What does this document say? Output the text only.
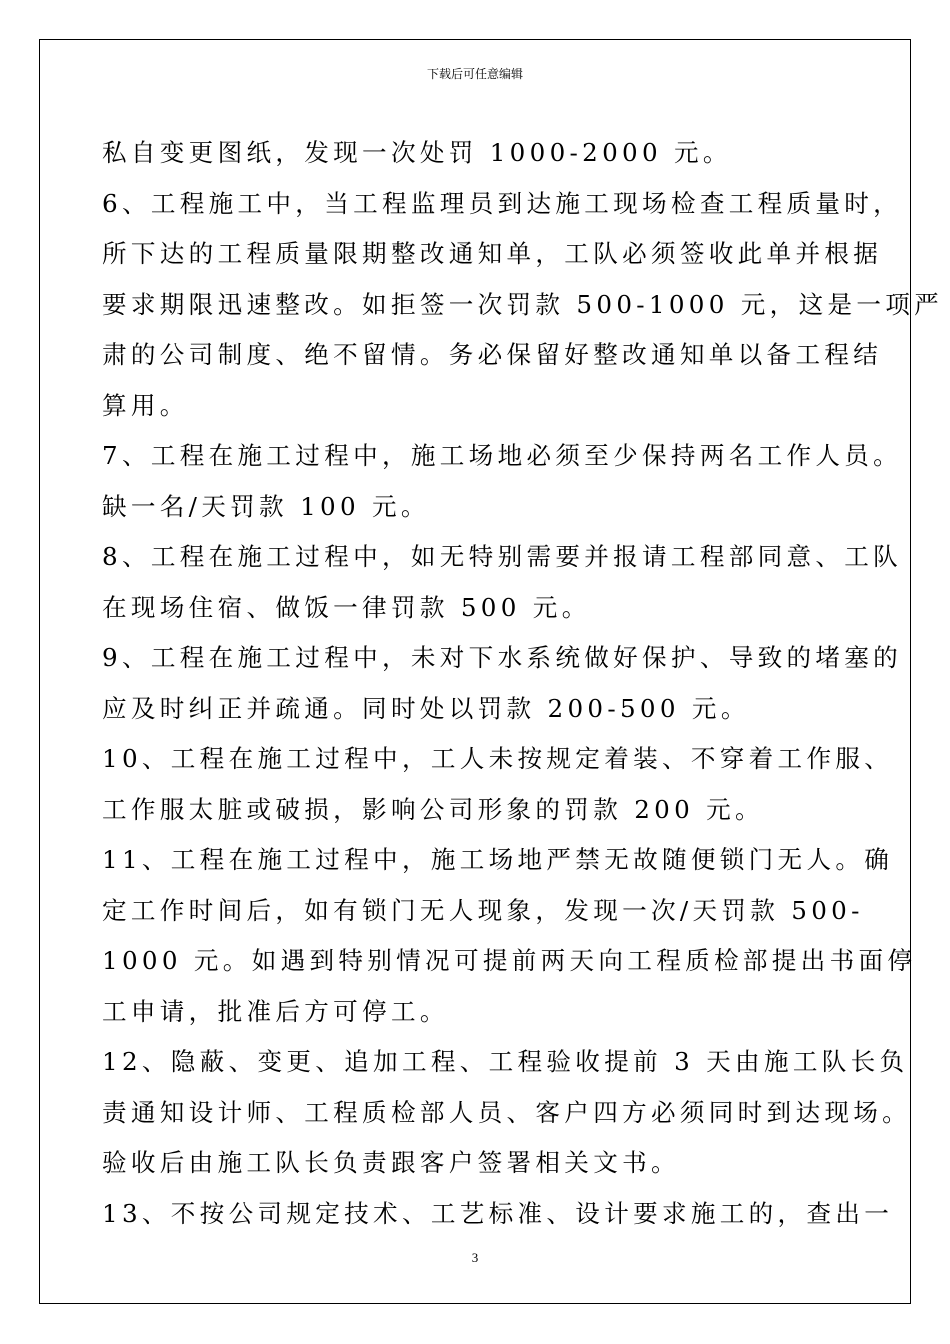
下载后可任意编辑
私自变更图纸，发现一次处罚 1000-2000 元。
6、工程施工中，当工程监理员到达施工现场检查工程质量时，
所下达的工程质量限期整改通知单，工队必须签收此单并根据
要求期限迅速整改。如拒签一次罚款 500-1000 元，这是一项严
肃的公司制度、绝不留情。务必保留好整改通知单以备工程结
算用。
7、工程在施工过程中，施工场地必须至少保持两名工作人员。
缺一名/天罚款 100 元。
8、工程在施工过程中，如无特别需要并报请工程部同意、工队
在现场住宿、做饭一律罚款 500 元。
9、工程在施工过程中，未对下水系统做好保护、导致的堵塞的
应及时纠正并疏通。同时处以罚款 200-500 元。
10、工程在施工过程中，工人未按规定着装、不穿着工作服、
工作服太脏或破损，影响公司形象的罚款 200 元。
11、工程在施工过程中，施工场地严禁无故随便锁门无人。确
定工作时间后，如有锁门无人现象，发现一次/天罚款 500-
1000 元。如遇到特别情况可提前两天向工程质检部提出书面停
工申请，批准后方可停工。
12、隐蔽、变更、追加工程、工程验收提前 3 天由施工队长负
责通知设计师、工程质检部人员、客户四方必须同时到达现场。
验收后由施工队长负责跟客户签署相关文书。
13、不按公司规定技术、工艺标准、设计要求施工的，查出一
3
